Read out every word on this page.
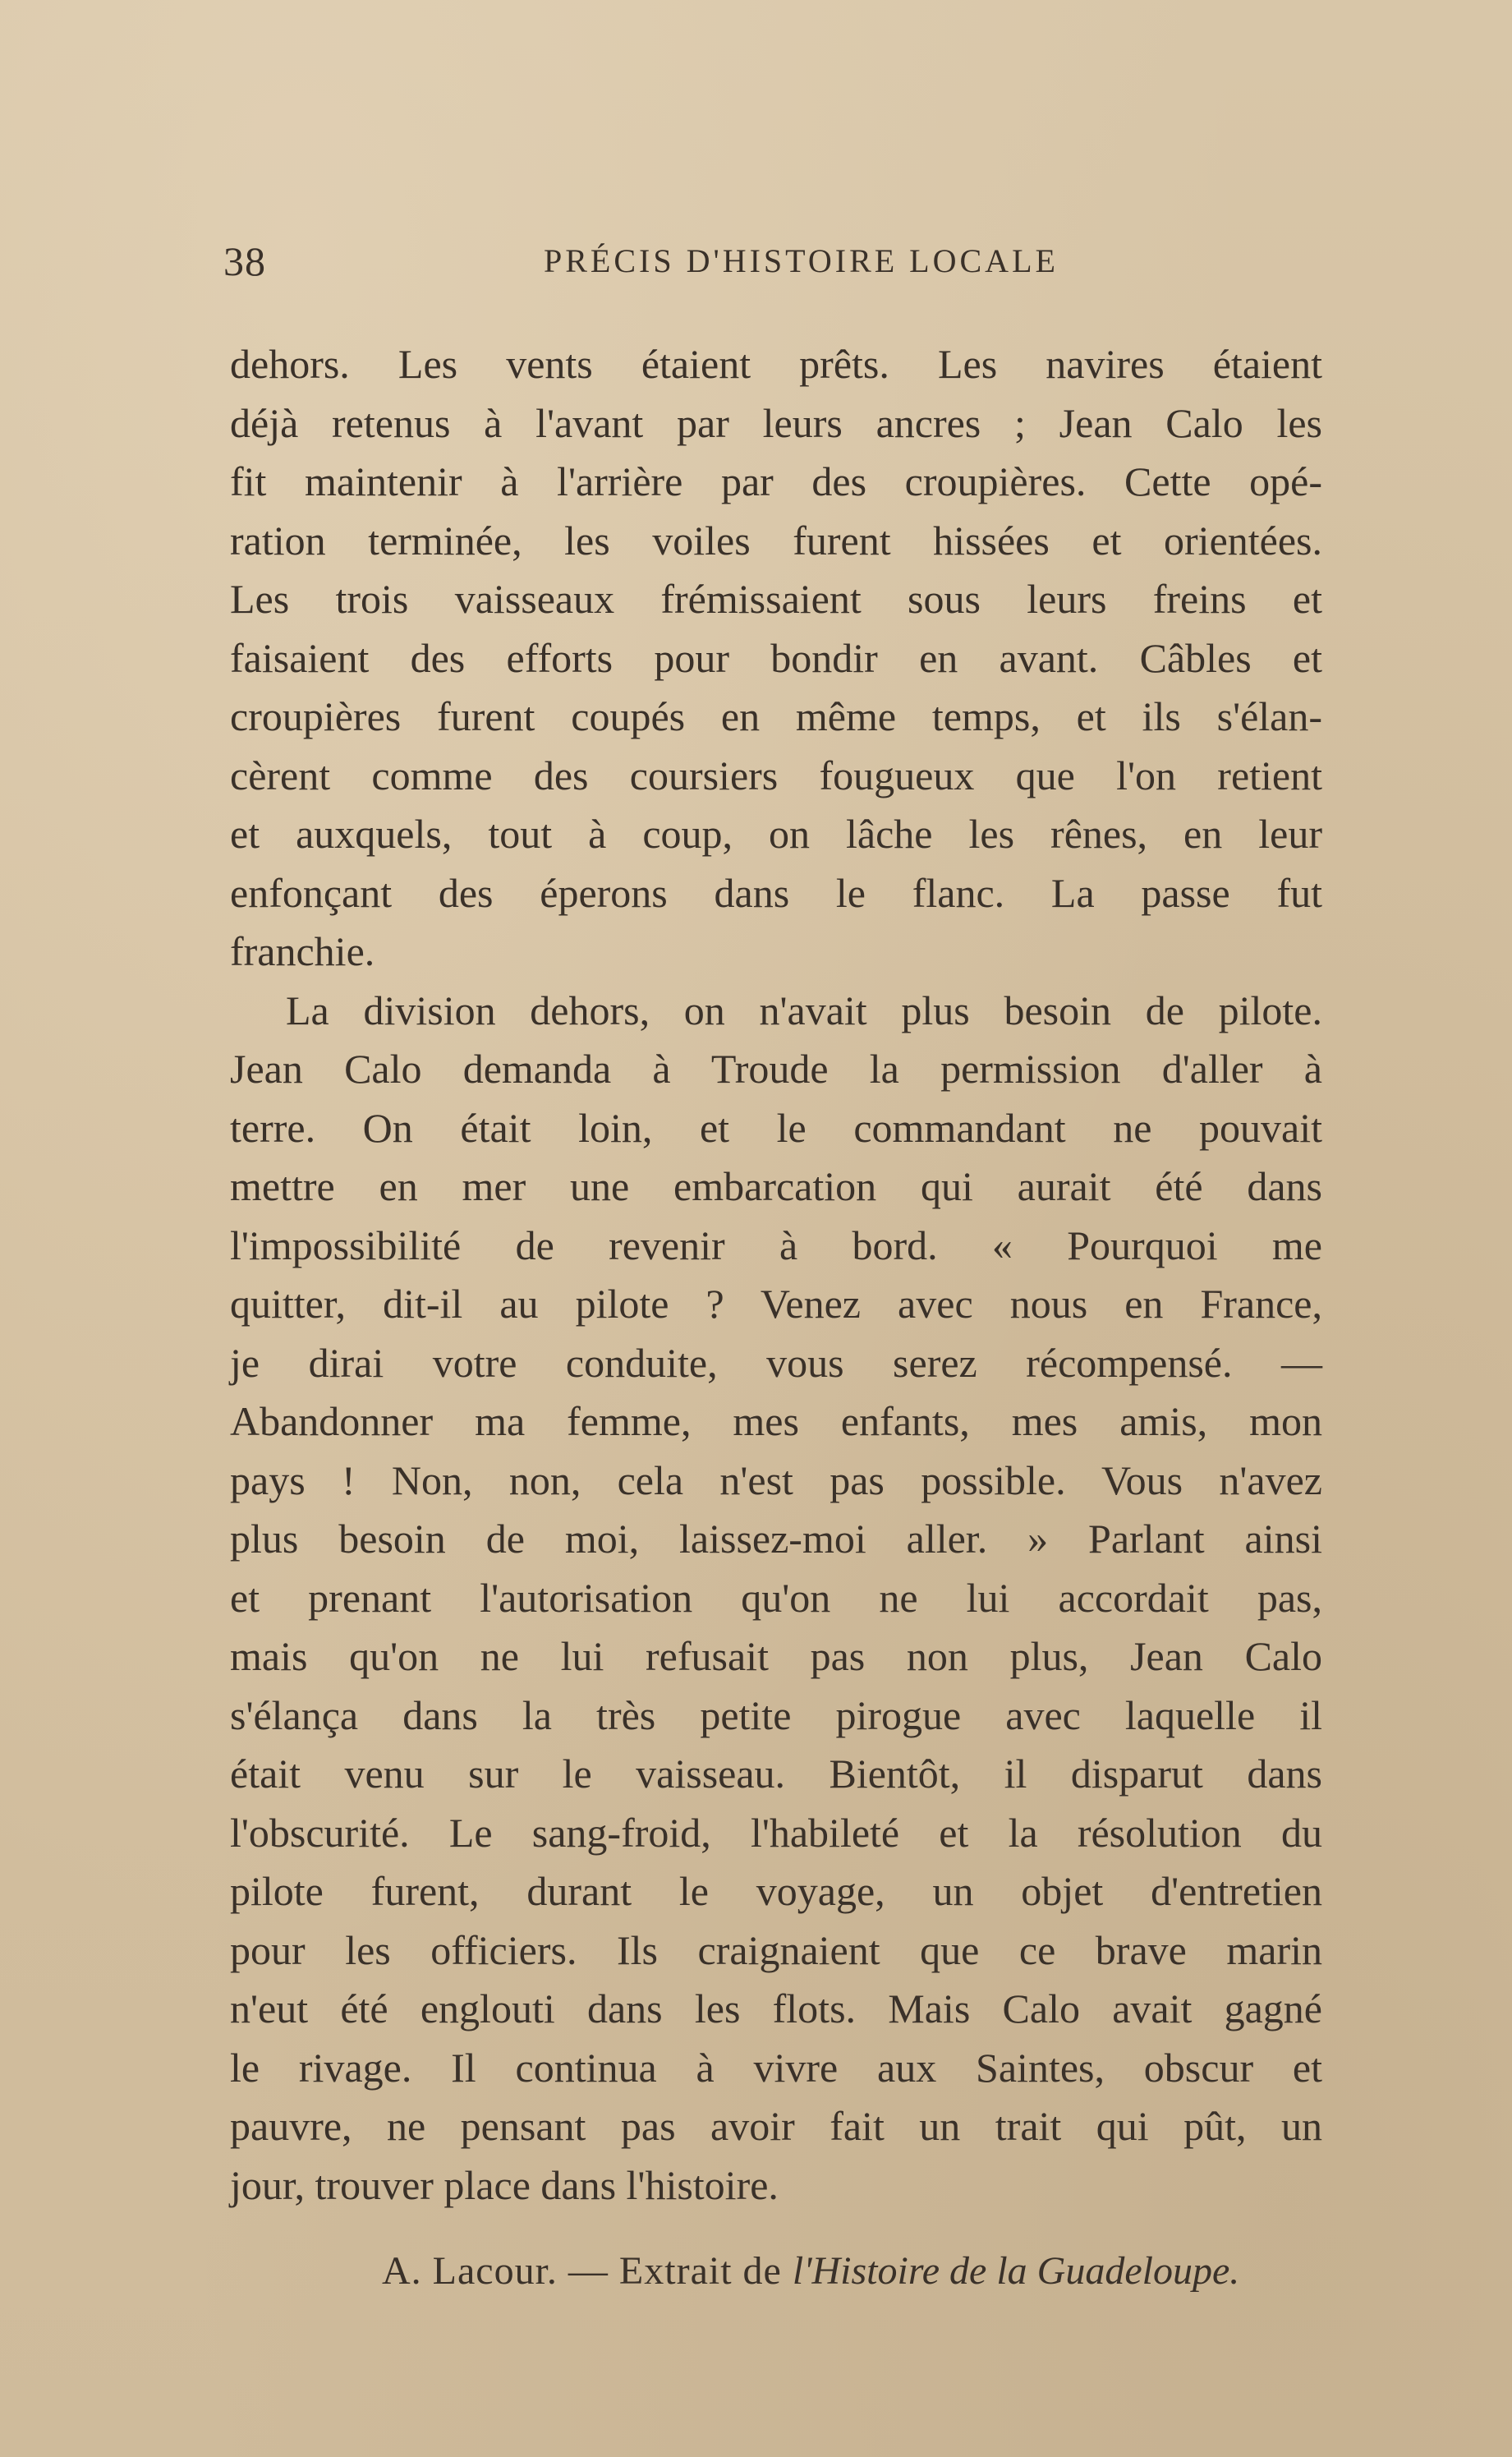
38	PRÉCIS D'HISTOIRE LOCALE
dehors. Les vents étaient prêts. Les navires étaient
déjà retenus à l'avant par leurs ancres ; Jean Calo les
fit maintenir à l'arrière par des croupières. Cette opé-
ration terminée, les voiles furent hissées et orientées.
Les trois vaisseaux frémissaient sous leurs freins et
faisaient des efforts pour bondir en avant. Câbles et
croupières furent coupés en même temps, et ils s'élan-
cèrent comme des coursiers fougueux que l'on retient
et auxquels, tout à coup, on lâche les rênes, en leur
enfonçant des éperons dans le flanc. La passe fut
franchie.
La division dehors, on n'avait plus besoin de pilote.
Jean Calo demanda à Troude la permission d'aller à
terre. On était loin, et le commandant ne pouvait
mettre en mer une embarcation qui aurait été dans
l'impossibilité de revenir à bord. « Pourquoi me
quitter, dit-il au pilote ? Venez avec nous en France,
je dirai votre conduite, vous serez récompensé. —
Abandonner ma femme, mes enfants, mes amis, mon
pays ! Non, non, cela n'est pas possible. Vous n'avez
plus besoin de moi, laissez-moi aller. » Parlant ainsi
et prenant l'autorisation qu'on ne lui accordait pas,
mais qu'on ne lui refusait pas non plus, Jean Calo
s'élança dans la très petite pirogue avec laquelle il
était venu sur le vaisseau. Bientôt, il disparut dans
l'obscurité. Le sang-froid, l'habileté et la résolution du
pilote furent, durant le voyage, un objet d'entretien
pour les officiers. Ils craignaient que ce brave marin
n'eut été englouti dans les flots. Mais Calo avait gagné
le rivage. Il continua à vivre aux Saintes, obscur et
pauvre, ne pensant pas avoir fait un trait qui pût, un
jour, trouver place dans l'histoire.
A. Lacour. — Extrait de l'Histoire de la Guadeloupe.
